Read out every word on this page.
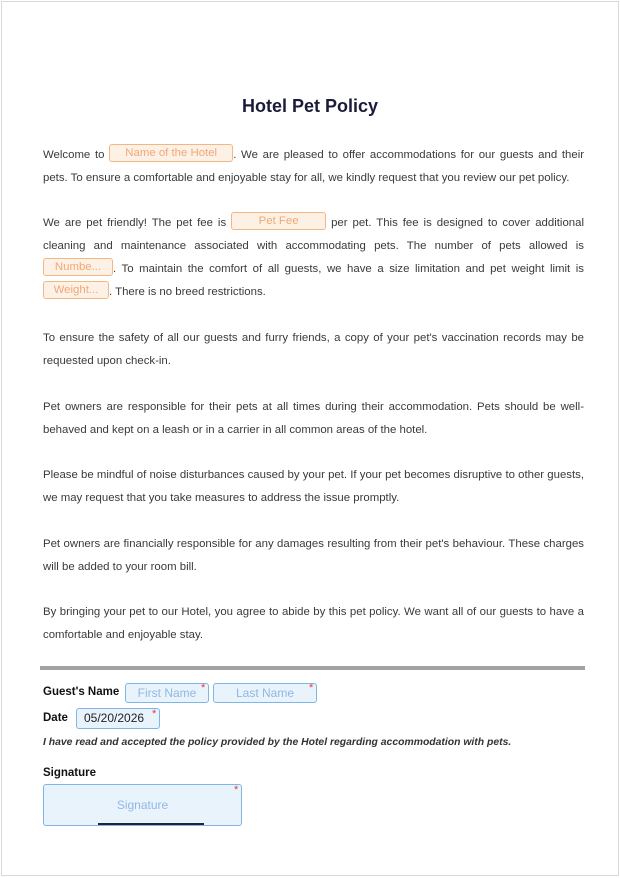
Hotel Pet Policy

Welcome to Name of the Hotel . We are pleased to offer accommodations for our guests and their pets. To ensure a comfortable and enjoyable stay for all, we kindly request that you review our pet policy.

We are pet friendly! The pet fee is Pet Fee per pet. This fee is designed to cover additional cleaning and maintenance associated with accommodating pets. The number of pets allowed is Numbe... . To maintain the comfort of all guests, we have a size limitation and pet weight limit is Weight... . There is no breed restrictions.

To ensure the safety of all our guests and furry friends, a copy of your pet's vaccination records may be requested upon check-in.

Pet owners are responsible for their pets at all times during their accommodation. Pets should be well-behaved and kept on a leash or in a carrier in all common areas of the hotel.

Please be mindful of noise disturbances caused by your pet. If your pet becomes disruptive to other guests, we may request that you take measures to address the issue promptly.

Pet owners are financially responsible for any damages resulting from their pet's behaviour. These charges will be added to your room bill.

By bringing your pet to our Hotel, you agree to abide by this pet policy. We want all of our guests to have a comfortable and enjoyable stay.

Guest's Name	First Name *	Last Name	*
Date	05/20/2026 *
I have read and accepted the policy provided by the Hotel regarding accommodation with pets.
Signature
Signature
*
